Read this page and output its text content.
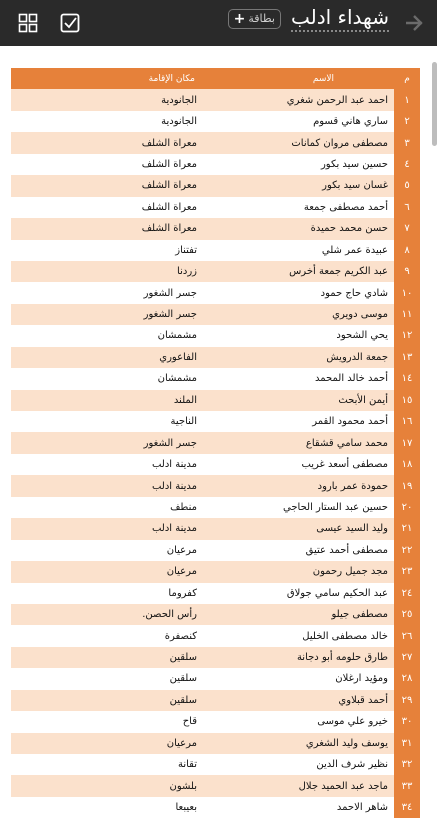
شهداء ادلب
بطاقة
+
م	الاسم	مكان الإقامة
١	احمد عبد الرحمن شغري	الجانودية
٢	ساري هاني قسوم	الجانودية
٣	مصطفى مروان كمانات	معراة الشلف
٤	حسين سيد بكور	معراة الشلف
٥	غسان سيد بكور	معراة الشلف
٦	أحمد مصطفى جمعة	معراة الشلف
٧	حسن محمد حميدة	معراة الشلف
٨	عبيدة عمر شلي	تفتناز
٩	عبد الكريم جمعة أخرس	زردنا
١٠	شادي حاج حمود	جسر الشغور
١١	موسى دويري	جسر الشغور
١٢	يحي الشحود	مشمشان
١٣	جمعة الدرويش	الفاعوري
١٤	أحمد خالد المحمد	مشمشان
١٥	أيمن الأبحث	الملند
١٦	أحمد محمود القمر	الناجية
١٧	محمد سامي قشقاع	جسر الشغور
١٨	مصطفى أسعد غريب	مدينة ادلب
١٩	حمودة عمر بارود	مدينة ادلب
٢٠	حسين عبد الستار الحاجي	منطف
٢١	وليد السيد عيسى	مدينة ادلب
٢٢	مصطفى أحمد عتيق	مرعيان
٢٣	مجد جميل رحمون	مرعيان
٢٤	عبد الحكيم سامي جولاق	كفروما
٢٥	مصطفى جيلو	رأس الحصن.
٢٦	خالد مصطفى الخليل	كنصفرة
٢٧	طارق حلومه أبو دجانة	سلقين
٢٨	ومؤيد ارغلان	سلقين
٢٩	أحمد قبلاوي	سلقين
٣٠	خيرو علي موسى	قاح
٣١	يوسف وليد الشغري	مرعيان
٣٢	نظير شرف الدين	تقانة
٣٣	ماجد عبد الحميد جلال	بلشون
٣٤	شاهر الاحمد	بعيبعا
